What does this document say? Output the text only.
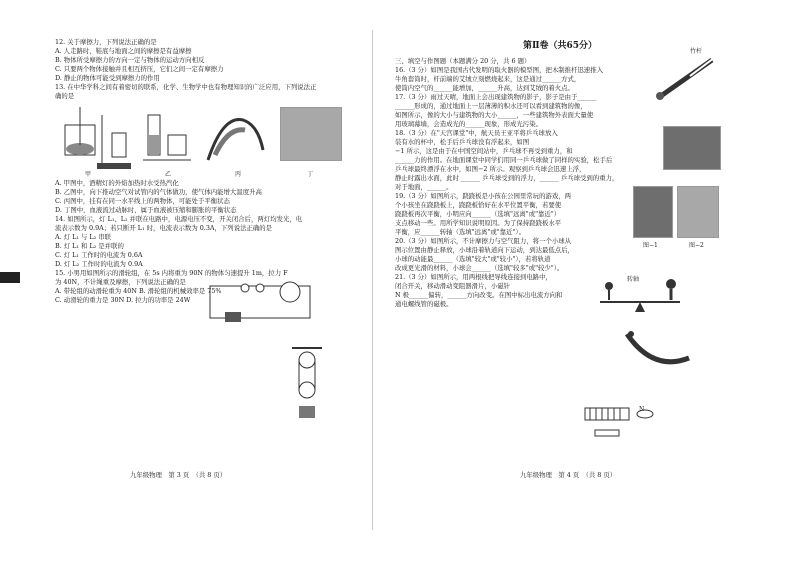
12. 关于摩擦力，下列说法正确的是
A. 人走路时，鞋底与地面之间的摩擦是有益摩擦
B. 物体所受摩擦力的方向一定与物体的运动方向相反
C. 只要两个物体接触并且相互挤压，它们之间一定有摩擦力
D. 静止的物体可能受到摩擦力的作用
13. 在中华学科之间有着密切的联系，化学、生物学中也有物理知识的广泛应用，下列说法正
确的是
甲	乙	丙	丁
A. 甲图中，酒精灯的外焰加热时水受热汽化
B. 乙图中，向下推动空气对试管内的气体做功，使气体内能增大温度升高
C. 丙图中，挂有在同一水平线上的两物体，可能处于平衡状态
D. 丁图中，血液流过动脉时，属于血液被压缩和膨胀的平衡状态
14. 如图所示，灯 L₁、L₂ 并联在电路中，电源电压不变，开关闭合后，两灯均发光，电
流表示数为 0.9A；若只断开 L₁ 时，电流表示数为 0.3A，下列说法正确的是
A. 灯 L₁ 与 L₂ 串联
B. 灯 L₁ 和 L₂ 是并联的
C. 灯 L₁ 工作时的电流为 0.6A
D. 灯 L₂ 工作时的电流为 0.9A
15. 小男用如图所示的滑轮组，在 5s 内将重为 90N 的物体匀速提升 1m，拉力 F
为 40N，不计绳重及摩擦，下列说法正确的是
A. 带轮组的动滑轮重为 40N B. 滑轮组的机械效率是 75%
C. 动滑轮的重力是 30N D. 拉力的功率是 24W
九年级物理　第 3 页　（共 8 页）
第Ⅱ卷（共65分）
三、填空与作图题（本题满分 20 分，共 6 题）
16.（3 分）如图是我国古代发明的取火器的模型图，把木制推杆迅速推入
牛角套筒时，杆前端的艾绒立刻燃烧起来，这是通过______方式，
使筒内空气的______能增加，______升高，达到艾绒的着火点。
17.（3 分）雨过天晴，地面上会出现建筑物的影子，影子是由于______
______形成的，通过地面上一层薄薄的积水还可以看到建筑物的像，
如图所示，像的大小与建筑物的大小______，一些建筑物外表面大量使
用玻璃幕墙，会造成光的______现象，形成光污染。
18.（3 分）在"天宫课堂"中，航天员王亚平将乒乓球放入
装有水的杯中，松手后乒乓球没有浮起来，如图
−1 所示，这是由于在中国空间站中，乒乓球不再受到重力，和
______力的作用。在地面课堂中同学们用同一乒乓球做了同样的实验，松手后
乒乓球最终漂浮在水中，如图−2 所示。观察到乒乓球会迅速上浮，
静止时露出水面，此时 ______ 乒乓球受到的浮力，______ 乒乓球受到的重力，
对于地面，______。
19.（3 分）如图所示，跷跷板是小孩在公园里常玩的游戏，两
个小孩坐在跷跷板上，跷跷板恰好在水平位置平衡，若要使
跷跷板再次平衡，小明应向______（选填"远离"或"靠近"）
支点移动一些。用所学知识说明原因。为了保持跷跷板水平
平衡，应______转轴（选填"远离"或"靠近"）。
20.（3 分）如图所示，不计摩擦力与空气阻力，将一个小球从
图示位置由静止释放，小球沿着轨道向下运动，到达最低点后，
小球的动能最______（选填"较大"或"较小"），若将轨道
改成更光滑的材料，小球会______（选填"较多"或"较少"）。
21.（3 分）如图所示，用两根线把导线连接到电路中，
闭合开关，移动滑动变阻器滑片，小磁针
N 极______偏转，______方向改变。在图中标出电流方向和
通电螺线管的磁极。
竹杆
图−1	图−2
转轴
N
九年级物理　第 4 页　（共 8 页）
